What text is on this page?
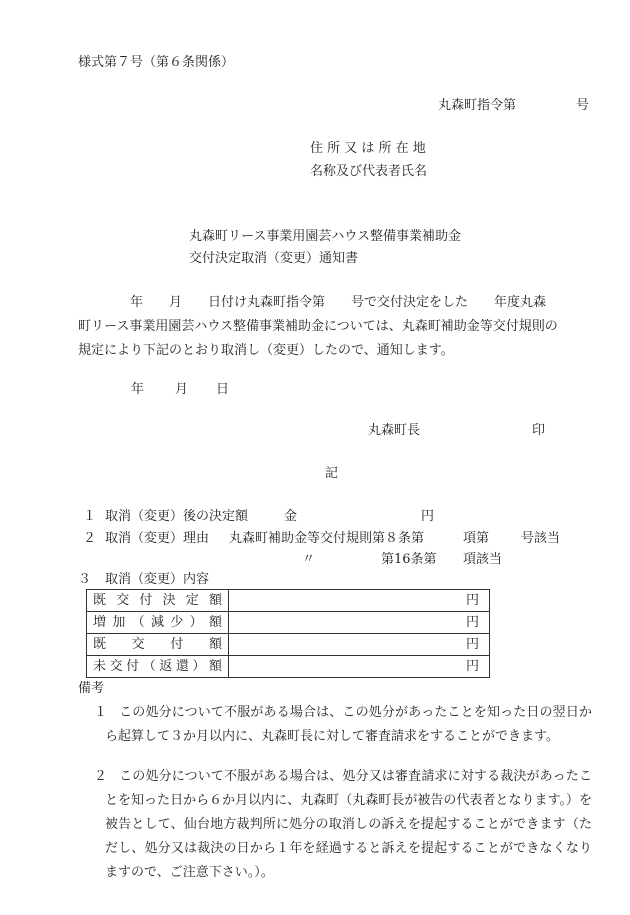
様式第７号（第６条関係）
丸森町指令第	号
住 所 又 は 所 在 地
名称及び代表者氏名
丸森町リース事業用園芸ハウス整備事業補助金
交付決定取消（変更）通知書
　　　　年　　月　　日付け丸森町指令第　　号で交付決定をした　　年度丸森
町リース事業用園芸ハウス整備事業補助金については、丸森町補助金等交付規則の
規定により下記のとおり取消し（変更）したので、通知します。
年 月 日
丸森町長	印
記
１ 取消（変更）後の決定額	金	円
２ 取消（変更）理由 丸森町補助金等交付規則第８条第	項第 号該当
〃	第16条第 項該当
３ 取消（変更）内容
既交付決定額	円
増加（減少）額	円
既交付額	円
未交付（返還）額	円
備考
１ この処分について不服がある場合は、この処分があったことを知った日の翌日から起算して３か月以内に、丸森町長に対して審査請求をすることができます。
２ この処分について不服がある場合は、処分又は審査請求に対する裁決があったことを知った日から６か月以内に、丸森町（丸森町長が被告の代表者となります。）を被告として、仙台地方裁判所に処分の取消しの訴えを提起することができます（ただし、処分又は裁決の日から１年を経過すると訴えを提起することができなくなりますので、ご注意下さい。）。
